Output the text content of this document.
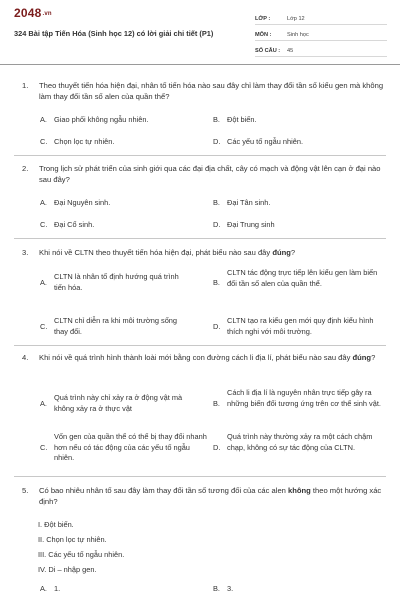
2048.vn
324 Bài tập Tiến Hóa (Sinh học 12) có lời giải chi tiết (P1)
LỚP :	Lớp 12
MÔN :	Sinh học
SỐ CÂU :	45
1. Theo thuyết tiến hóa hiện đại, nhân tố tiến hóa nào sau đây chỉ làm thay đổi tần số kiểu gen mà không làm thay đổi tần số alen của quần thể?
A. Giao phối không ngẫu nhiên.	B. Đột biến.
C. Chọn lọc tự nhiên.	D. Các yếu tố ngẫu nhiên.
2. Trong lịch sử phát triển của sinh giới qua các đại địa chất, cây có mạch và động vật lên cạn ở đại nào sau đây?
A. Đại Nguyên sinh.	B. Đại Tân sinh.
C. Đại Cổ sinh.	D. Đại Trung sinh
3. Khi nói về CLTN theo thuyết tiến hóa hiện đại, phát biểu nào sau đây đúng?
A.
CLTN là nhân tố định hướng quá trình tiến hóa.	B.
CLTN tác động trực tiếp lên kiểu gen làm biến đổi tần số alen của quần thể.
C.
CLTN chỉ diễn ra khi môi trường sống thay đổi.	D.
CLTN tạo ra kiểu gen mới quy định kiểu hình thích nghi với môi trường.
4. Khi nói về quá trình hình thành loài mới bằng con đường cách li địa lí, phát biểu nào sau đây đúng?
A.
Quá trình này chỉ xảy ra ở động vật mà không xảy ra ở thực vật	B.
Cách li địa lí là nguyên nhân trực tiếp gây ra những biến đổi tương ứng trên cơ thể sinh vật.
C.
Vốn gen của quần thể có thể bị thay đổi nhanh hơn nếu có tác động của các yếu tố ngẫu nhiên.
D.
Quá trình này thường xảy ra một cách chậm chạp, không có sự tác động của CLTN.
5. Có bao nhiêu nhân tố sau đây làm thay đổi tần số tương đối của các alen không theo một hướng xác định?
I. Đột biến.
II. Chọn lọc tự nhiên.
III. Các yếu tố ngẫu nhiên.
IV. Di – nhập gen.
A. 1.	B. 3.
